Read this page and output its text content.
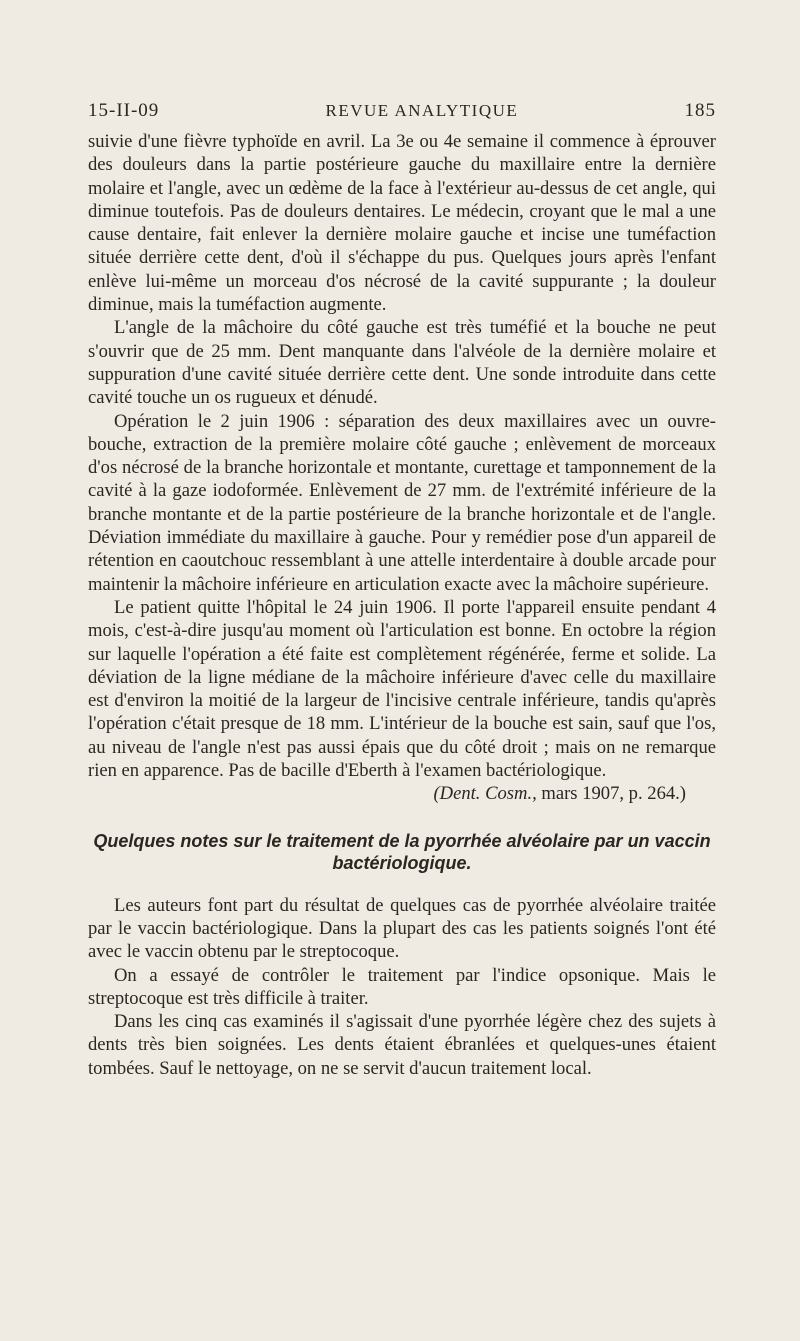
15-II-09	REVUE ANALYTIQUE	185

suivie d'une fièvre typhoïde en avril. La 3e ou 4e semaine il commence à éprouver des douleurs dans la partie postérieure gauche du maxillaire entre la dernière molaire et l'angle, avec un œdème de la face à l'extérieur au-dessus de cet angle, qui diminue toutefois. Pas de douleurs dentaires. Le médecin, croyant que le mal a une cause dentaire, fait enlever la dernière molaire gauche et incise une tuméfaction située derrière cette dent, d'où il s'échappe du pus. Quelques jours après l'enfant enlève lui-même un morceau d'os nécrosé de la cavité suppurante ; la douleur diminue, mais la tuméfaction augmente.

L'angle de la mâchoire du côté gauche est très tuméfié et la bouche ne peut s'ouvrir que de 25 mm. Dent manquante dans l'alvéole de la dernière molaire et suppuration d'une cavité située derrière cette dent. Une sonde introduite dans cette cavité touche un os rugueux et dénudé.

Opération le 2 juin 1906 : séparation des deux maxillaires avec un ouvre-bouche, extraction de la première molaire côté gauche ; enlèvement de morceaux d'os nécrosé de la branche horizontale et montante, curettage et tamponnement de la cavité à la gaze iodoformée. Enlèvement de 27 mm. de l'extrémité inférieure de la branche montante et de la partie postérieure de la branche horizontale et de l'angle. Déviation immédiate du maxillaire à gauche. Pour y remédier pose d'un appareil de rétention en caoutchouc ressemblant à une attelle interdentaire à double arcade pour maintenir la mâchoire inférieure en articulation exacte avec la mâchoire supérieure.

Le patient quitte l'hôpital le 24 juin 1906. Il porte l'appareil ensuite pendant 4 mois, c'est-à-dire jusqu'au moment où l'articulation est bonne. En octobre la région sur laquelle l'opération a été faite est complètement régénérée, ferme et solide. La déviation de la ligne médiane de la mâchoire inférieure d'avec celle du maxillaire est d'environ la moitié de la largeur de l'incisive centrale inférieure, tandis qu'après l'opération c'était presque de 18 mm. L'intérieur de la bouche est sain, sauf que l'os, au niveau de l'angle n'est pas aussi épais que du côté droit ; mais on ne remarque rien en apparence. Pas de bacille d'Eberth à l'examen bactériologique.

(Dent. Cosm., mars 1907, p. 264.)
Quelques notes sur le traitement de la pyorrhée alvéolaire par un vaccin bactériologique.

Les auteurs font part du résultat de quelques cas de pyorrhée alvéolaire traitée par le vaccin bactériologique. Dans la plupart des cas les patients soignés l'ont été avec le vaccin obtenu par le streptocoque.

On a essayé de contrôler le traitement par l'indice opsonique. Mais le streptocoque est très difficile à traiter.

Dans les cinq cas examinés il s'agissait d'une pyorrhée légère chez des sujets à dents très bien soignées. Les dents étaient ébranlées et quelques-unes étaient tombées. Sauf le nettoyage, on ne se servit d'aucun traitement local.
